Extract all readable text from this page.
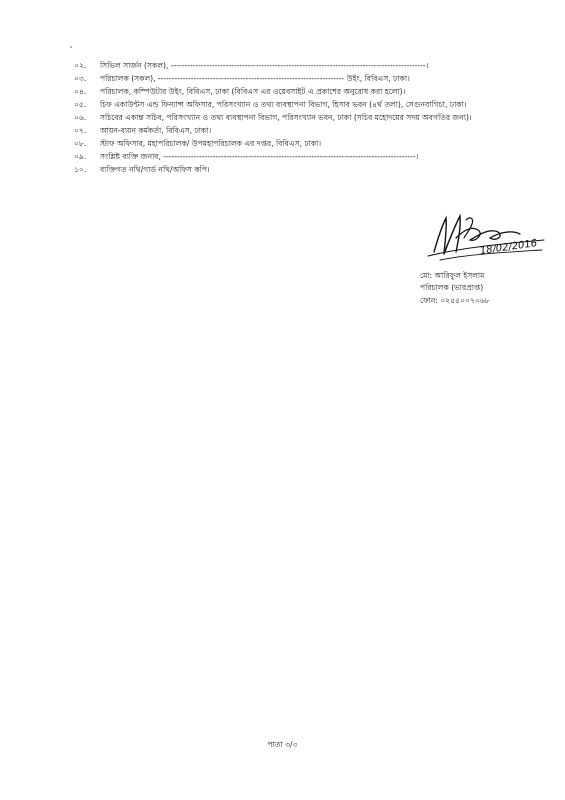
০২.	সিভিল সার্জন (সকল), ---------------------------------------------------------------------------------------------।
০৩.	পরিচালক (সকল), -------------------------------------------------------------------- উইং, বিবিএস, ঢাকা।
০৪.	পরিচালক, কম্পিউটার উইং, বিবিএস, ঢাকা (বিবিএস এর ওয়েবসাইট এ প্রকাশের অনুরোধ করা হলো)।
০৫.	চিফ একাউন্টস এন্ড ফিন্যান্স অফিসার, পরিসংখ্যান ও তথ্য ব্যবস্থাপনা বিভাগ, হিসাব ভবন (৪র্থ তলা), সেগুনবাগিচা, ঢাকা।
০৬.	সচিবের একান্ত সচিব, পরিসংখ্যান ও তথ্য ব্যবস্থাপনা বিভাগ, পরিসংখ্যান ভবন, ঢাকা (সচিব মহোদয়ের সদয় অবগতির জন্য)।
০৭.	আয়ন-ব্যয়ন কর্মকর্তা, বিবিএস, ঢাকা।
০৮.	স্টাফ অফিসার, মহাপরিচালক/ উপমহাপরিচালক এর দপ্তর, বিবিএস, ঢাকা।
০৯.	সংশ্লিষ্ট ব্যক্তি জনাব, --------------------------------------------------------------------------------------------।
১০.	ব্যক্তিগত নথি/গার্ড নথি/অফিস কপি।
18/02/2016
মো: আরিফুল ইসলাম
পরিচালক (ভারপ্রাপ্ত)
ফোন: ০২৫৫০০৭০৬৮
পাতা ৩/৩
